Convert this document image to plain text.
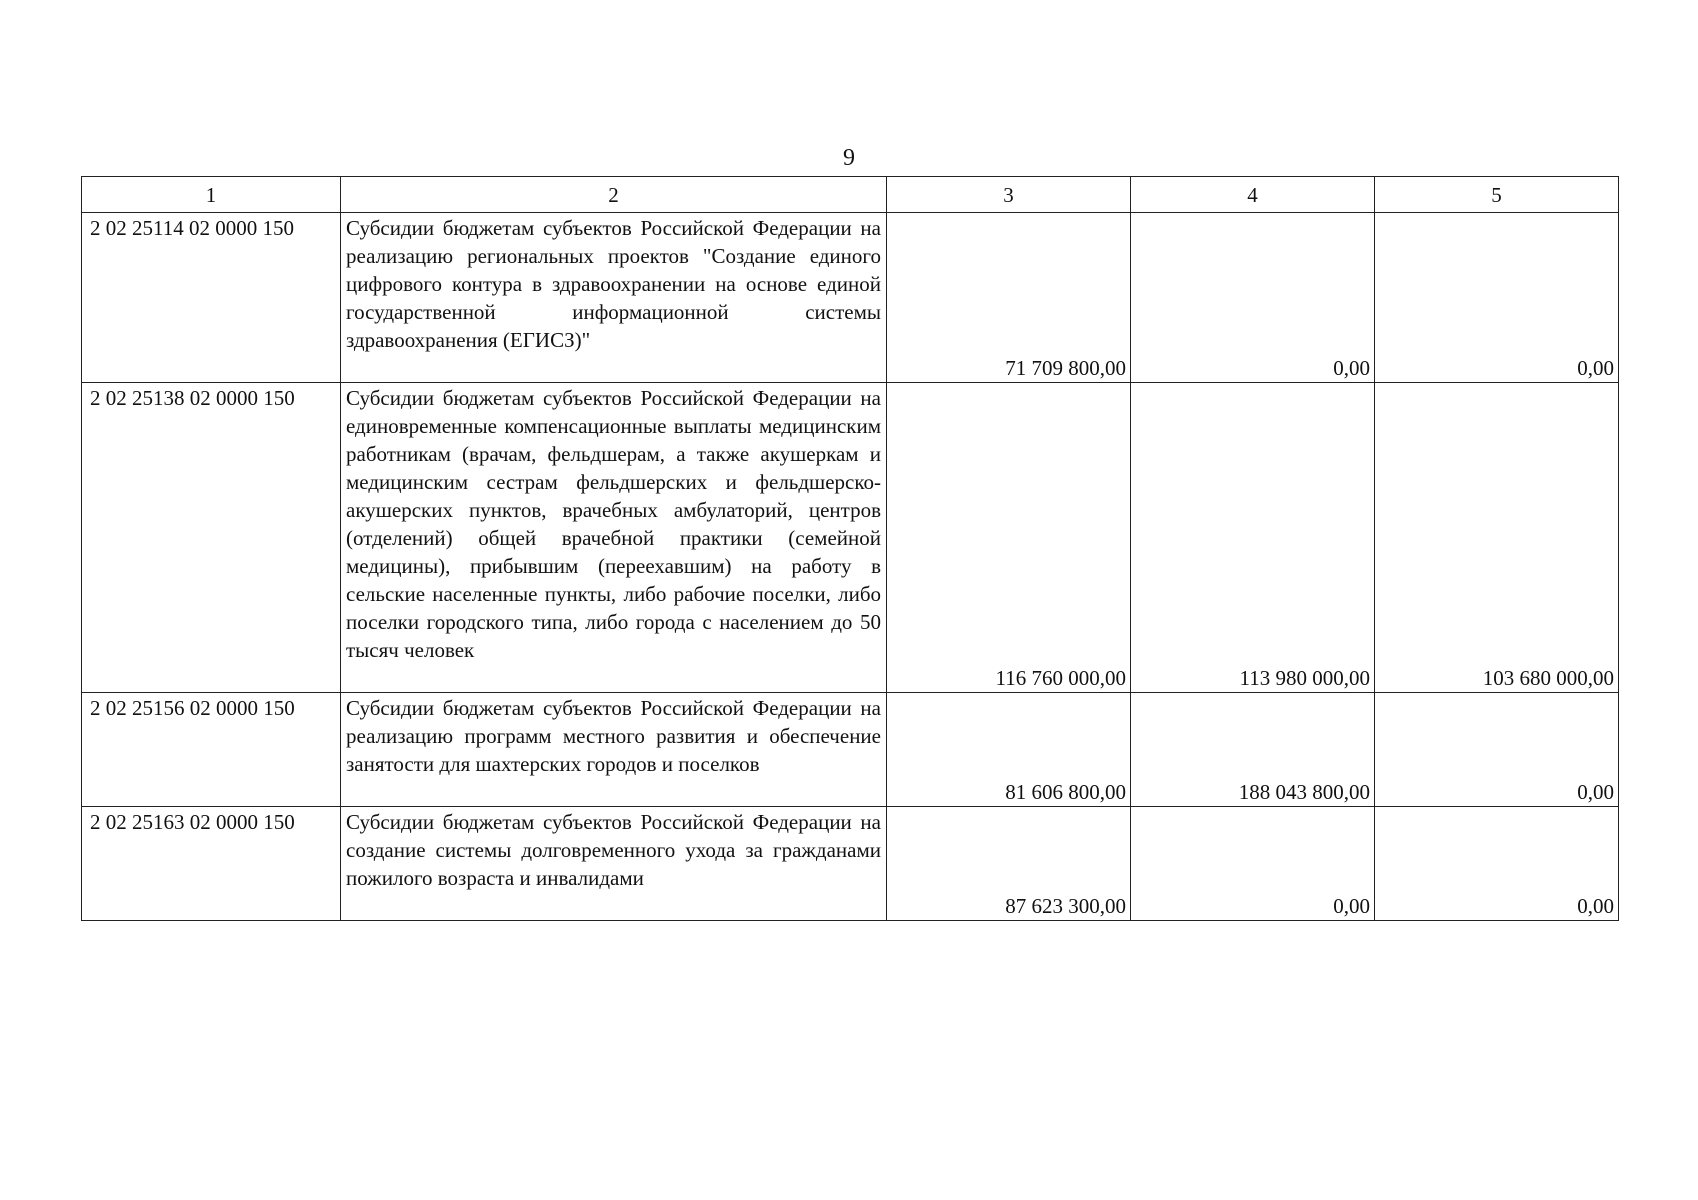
9
1	2	3	4	5
2 02 25114 02 0000 150	Субсидии бюджетам субъектов Российской Федерации на реализацию региональных проектов "Создание единого цифрового контура в здравоохранении на основе единой государственной информационной системы здравоохранения (ЕГИСЗ)"	71 709 800,00	0,00	0,00
2 02 25138 02 0000 150	Субсидии бюджетам субъектов Российской Федерации на единовременные компенсационные выплаты медицинским работникам (врачам, фельдшерам, а также акушеркам и медицинским сестрам фельдшерских и фельдшерско-акушерских пунктов, врачебных амбулаторий, центров (отделений) общей врачебной практики (семейной медицины), прибывшим (переехавшим) на работу в сельские населенные пункты, либо рабочие поселки, либо поселки городского типа, либо города с населением до 50 тысяч человек	116 760 000,00	113 980 000,00	103 680 000,00
2 02 25156 02 0000 150	Субсидии бюджетам субъектов Российской Федерации на реализацию программ местного развития и обеспечение занятости для шахтерских городов и поселков	81 606 800,00	188 043 800,00	0,00
2 02 25163 02 0000 150	Субсидии бюджетам субъектов Российской Федерации на создание системы долговременного ухода за гражданами пожилого возраста и инвалидами	87 623 300,00	0,00	0,00
